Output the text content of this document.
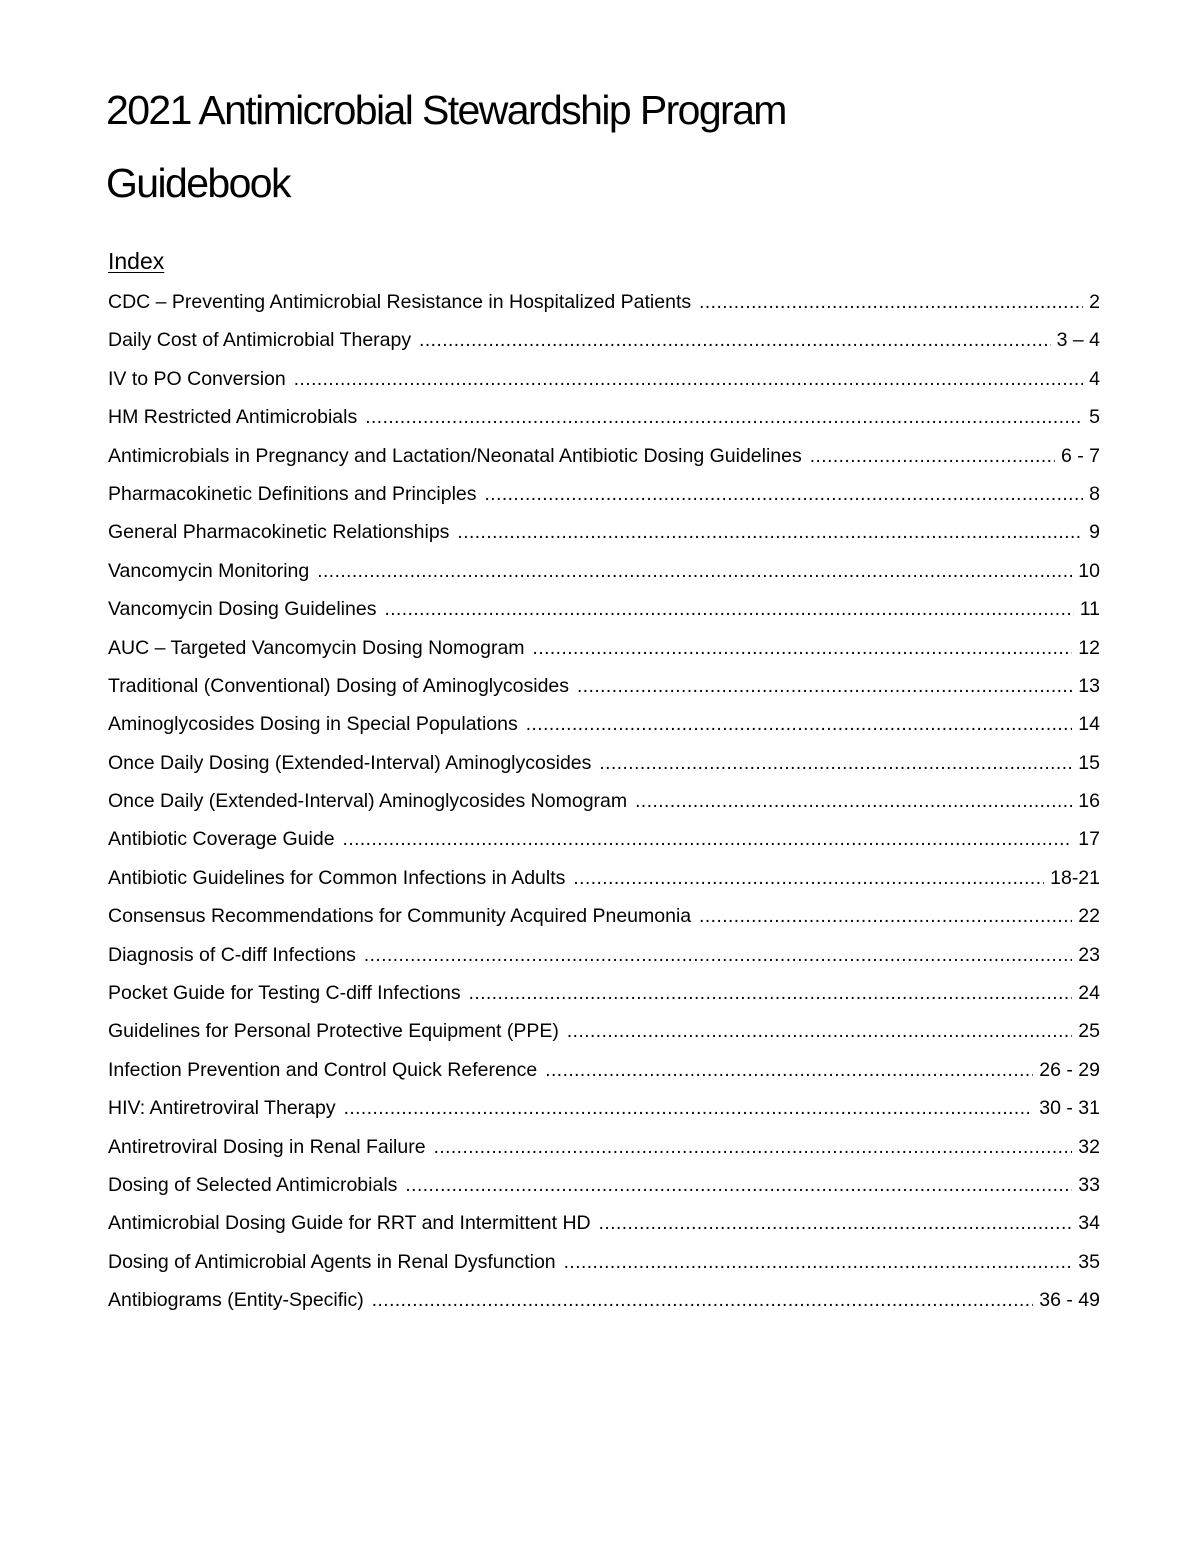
2021 Antimicrobial Stewardship Program
Guidebook
Index
CDC – Preventing Antimicrobial Resistance in Hospitalized Patients .....	2
Daily Cost of Antimicrobial Therapy .....	3 – 4
IV to PO Conversion .....	4
HM Restricted Antimicrobials .....	5
Antimicrobials in Pregnancy and Lactation/Neonatal Antibiotic Dosing Guidelines .....	6 - 7
Pharmacokinetic Definitions and Principles .....	8
General Pharmacokinetic Relationships .....	9
Vancomycin Monitoring .....	10
Vancomycin Dosing Guidelines .....	11
AUC – Targeted Vancomycin Dosing Nomogram .....	12
Traditional (Conventional) Dosing of Aminoglycosides .....	13
Aminoglycosides Dosing in Special Populations .....	14
Once Daily Dosing (Extended-Interval) Aminoglycosides .....	15
Once Daily (Extended-Interval) Aminoglycosides Nomogram .....	16
Antibiotic Coverage Guide .....	17
Antibiotic Guidelines for Common Infections in Adults .....	18-21
Consensus Recommendations for Community Acquired Pneumonia .....	22
Diagnosis of C-diff Infections .....	23
Pocket Guide for Testing C-diff Infections .....	24
Guidelines for Personal Protective Equipment (PPE) .....	25
Infection Prevention and Control Quick Reference .....	26 - 29
HIV: Antiretroviral Therapy .....	30 - 31
Antiretroviral Dosing in Renal Failure .....	32
Dosing of Selected Antimicrobials .....	33
Antimicrobial Dosing Guide for RRT and Intermittent HD .....	34
Dosing of Antimicrobial Agents in Renal Dysfunction .....	35
Antibiograms (Entity-Specific) .....	36 - 49
